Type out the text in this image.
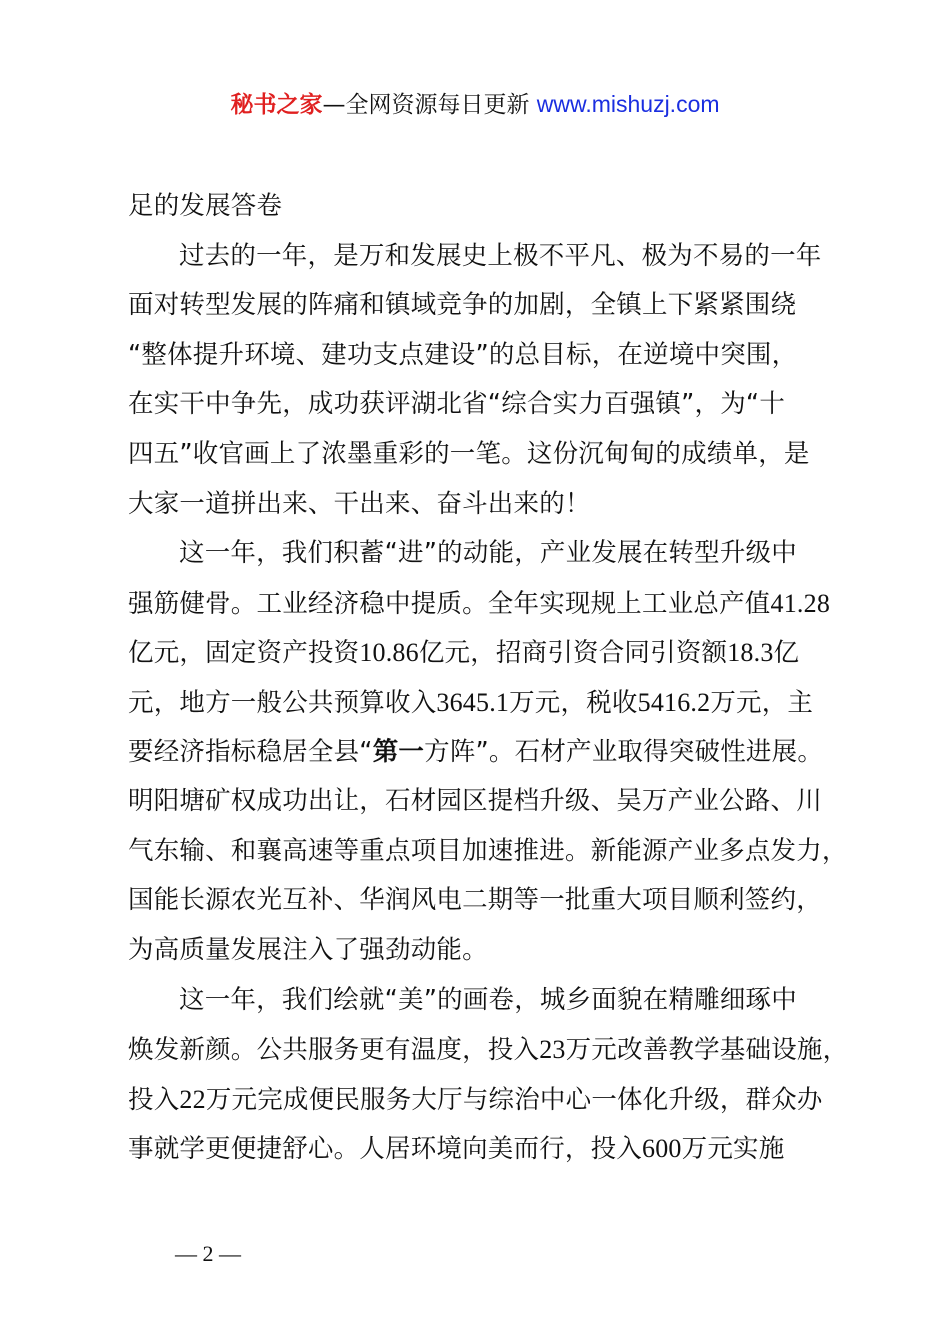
秘书之家—全网资源每日更新 www.mishuzj.com
足的发展答卷
过去的一年，是万和发展史上极不平凡、极为不易的一年
面对转型发展的阵痛和镇域竞争的加剧，全镇上下紧紧围绕
“整体提升环境、建功支点建设”的总目标，在逆境中突围，
在实干中争先，成功获评湖北省“综合实力百强镇”，为“十
四五”收官画上了浓墨重彩的一笔。这份沉甸甸的成绩单，是
大家一道拼出来、干出来、奋斗出来的！
这一年，我们积蓄“进”的动能，产业发展在转型升级中
强筋健骨。工业经济稳中提质。全年实现规上工业总产值41.28
亿元，固定资产投资10.86亿元，招商引资合同引资额18.3亿
元，地方一般公共预算收入3645.1万元，税收5416.2万元，主
要经济指标稳居全县“第一方阵”。石材产业取得突破性进展。
明阳塘矿权成功出让，石材园区提档升级、吴万产业公路、川
气东输、和襄高速等重点项目加速推进。新能源产业多点发力，
国能长源农光互补、华润风电二期等一批重大项目顺利签约，
为高质量发展注入了强劲动能。
这一年，我们绘就“美”的画卷，城乡面貌在精雕细琢中
焕发新颜。公共服务更有温度，投入23万元改善教学基础设施，
投入22万元完成便民服务大厅与综治中心一体化升级，群众办
事就学更便捷舒心。人居环境向美而行，投入600万元实施
— 2 —
